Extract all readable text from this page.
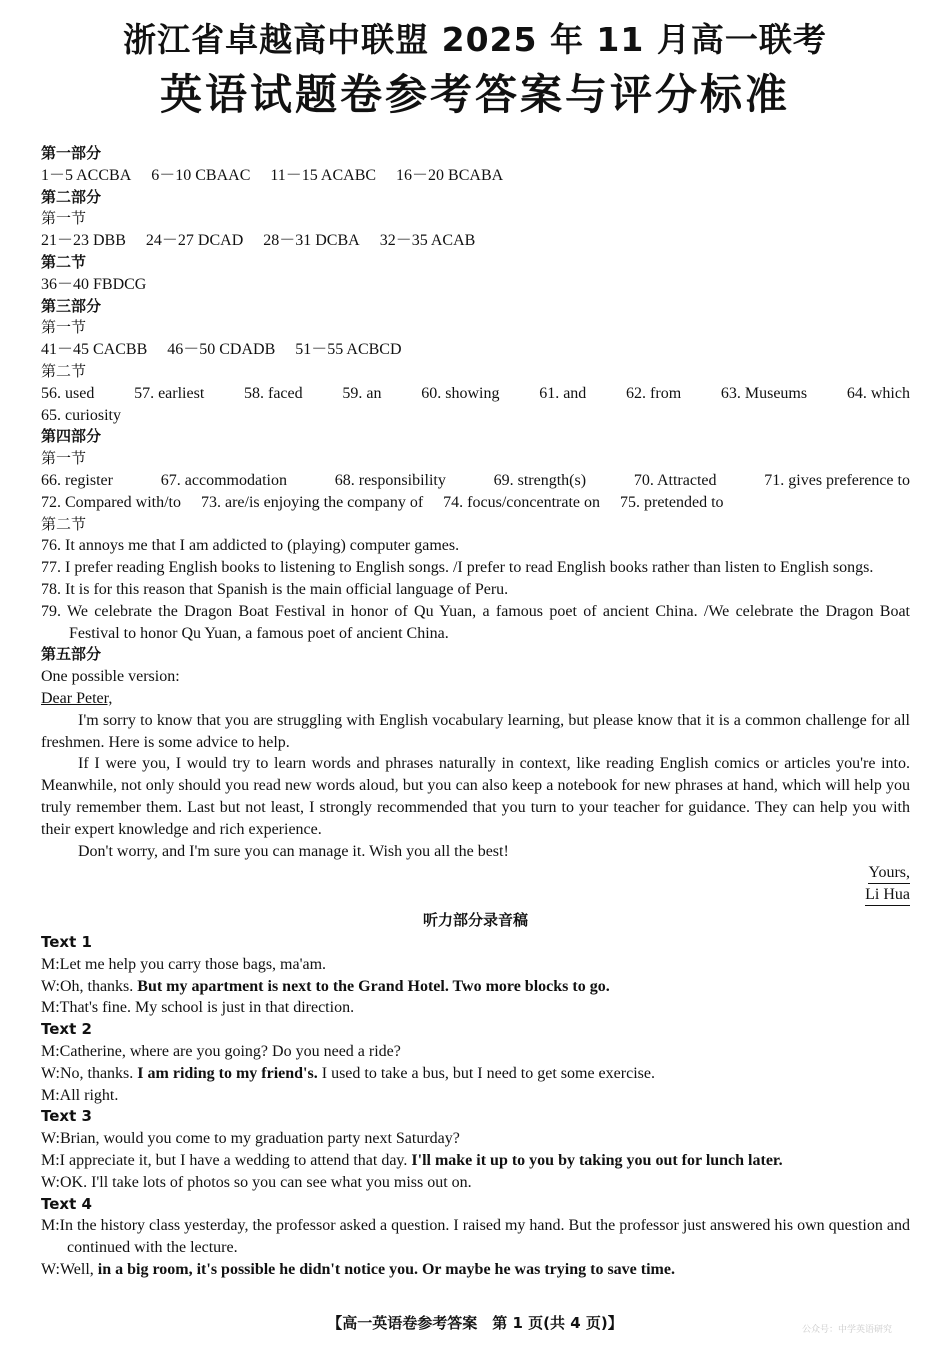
浙江省卓越高中联盟 2025 年 11 月高一联考
英语试题卷参考答案与评分标准
第一部分
1－5 ACCBA 6－10 CBAAC 11－15 ACABC 16－20 BCABA
第二部分
第一节
21－23 DBB 24－27 DCAD 28－31 DCBA 32－35 ACAB
第二节
36－40 FBDCG
第三部分
第一节
41－45 CACBB 46－50 CDADB 51－55 ACBCD
第二节
56. used 57. earliest 58. faced 59. an 60. showing 61. and 62. from 63. Museums 64. which
65. curiosity
第四部分
第一节
66. register	67. accommodation	68. responsibility	69. strength(s)	70. Attracted	71. gives preference to
72. Compared with/to 73. are/is enjoying the company of 74. focus/concentrate on 75. pretended to
第二节
76. It annoys me that I am addicted to (playing) computer games.
77. I prefer reading English books to listening to English songs. /I prefer to read English books rather than listen to English songs.
78. It is for this reason that Spanish is the main official language of Peru.
79. We celebrate the Dragon Boat Festival in honor of Qu Yuan, a famous poet of ancient China. /We celebrate the Dragon Boat Festival to honor Qu Yuan, a famous poet of ancient China.
第五部分
One possible version:
Dear Peter,
I'm sorry to know that you are struggling with English vocabulary learning, but please know that it is a common challenge for all freshmen. Here is some advice to help.
If I were you, I would try to learn words and phrases naturally in context, like reading English comics or articles you're into. Meanwhile, not only should you read new words aloud, but you can also keep a notebook for new phrases at hand, which will help you truly remember them. Last but not least, I strongly recommended that you turn to your teacher for guidance. They can help you with their expert knowledge and rich experience.
Don't worry, and I'm sure you can manage it. Wish you all the best!
Yours,
Li Hua
听力部分录音稿
Text 1
M:Let me help you carry those bags, ma'am.
W:Oh, thanks. But my apartment is next to the Grand Hotel. Two more blocks to go.
M:That's fine. My school is just in that direction.
Text 2
M:Catherine, where are you going? Do you need a ride?
W:No, thanks. I am riding to my friend's. I used to take a bus, but I need to get some exercise.
M:All right.
Text 3
W:Brian, would you come to my graduation party next Saturday?
M:I appreciate it, but I have a wedding to attend that day. I'll make it up to you by taking you out for lunch later.
W:OK. I'll take lots of photos so you can see what you miss out on.
Text 4
M:In the history class yesterday, the professor asked a question. I raised my hand. But the professor just answered his own question and continued with the lecture.
W:Well, in a big room, it's possible he didn't notice you. Or maybe he was trying to save time.
【高一英语卷参考答案　第 1 页(共 4 页)】	公众号：中学英语研究
